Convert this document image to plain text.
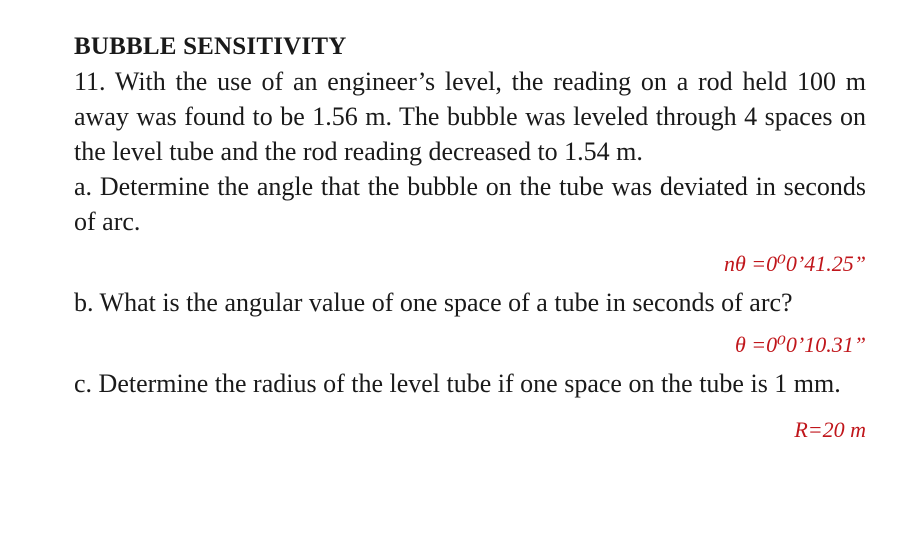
BUBBLE SENSITIVITY
11. With the use of an engineer’s level, the reading on a rod held 100 m away was found to be 1.56 m. The bubble was leveled through 4 spaces on the level tube and the rod reading decreased to 1.54 m.
a. Determine the angle that the bubble on the tube was deviated in seconds of arc.
nθ =0⁰0’41.25”
b. What is the angular value of one space of a tube in seconds of arc?
θ =0⁰0’10.31”
c. Determine the radius of the level tube if one space on the tube is 1 mm.
R=20 m
